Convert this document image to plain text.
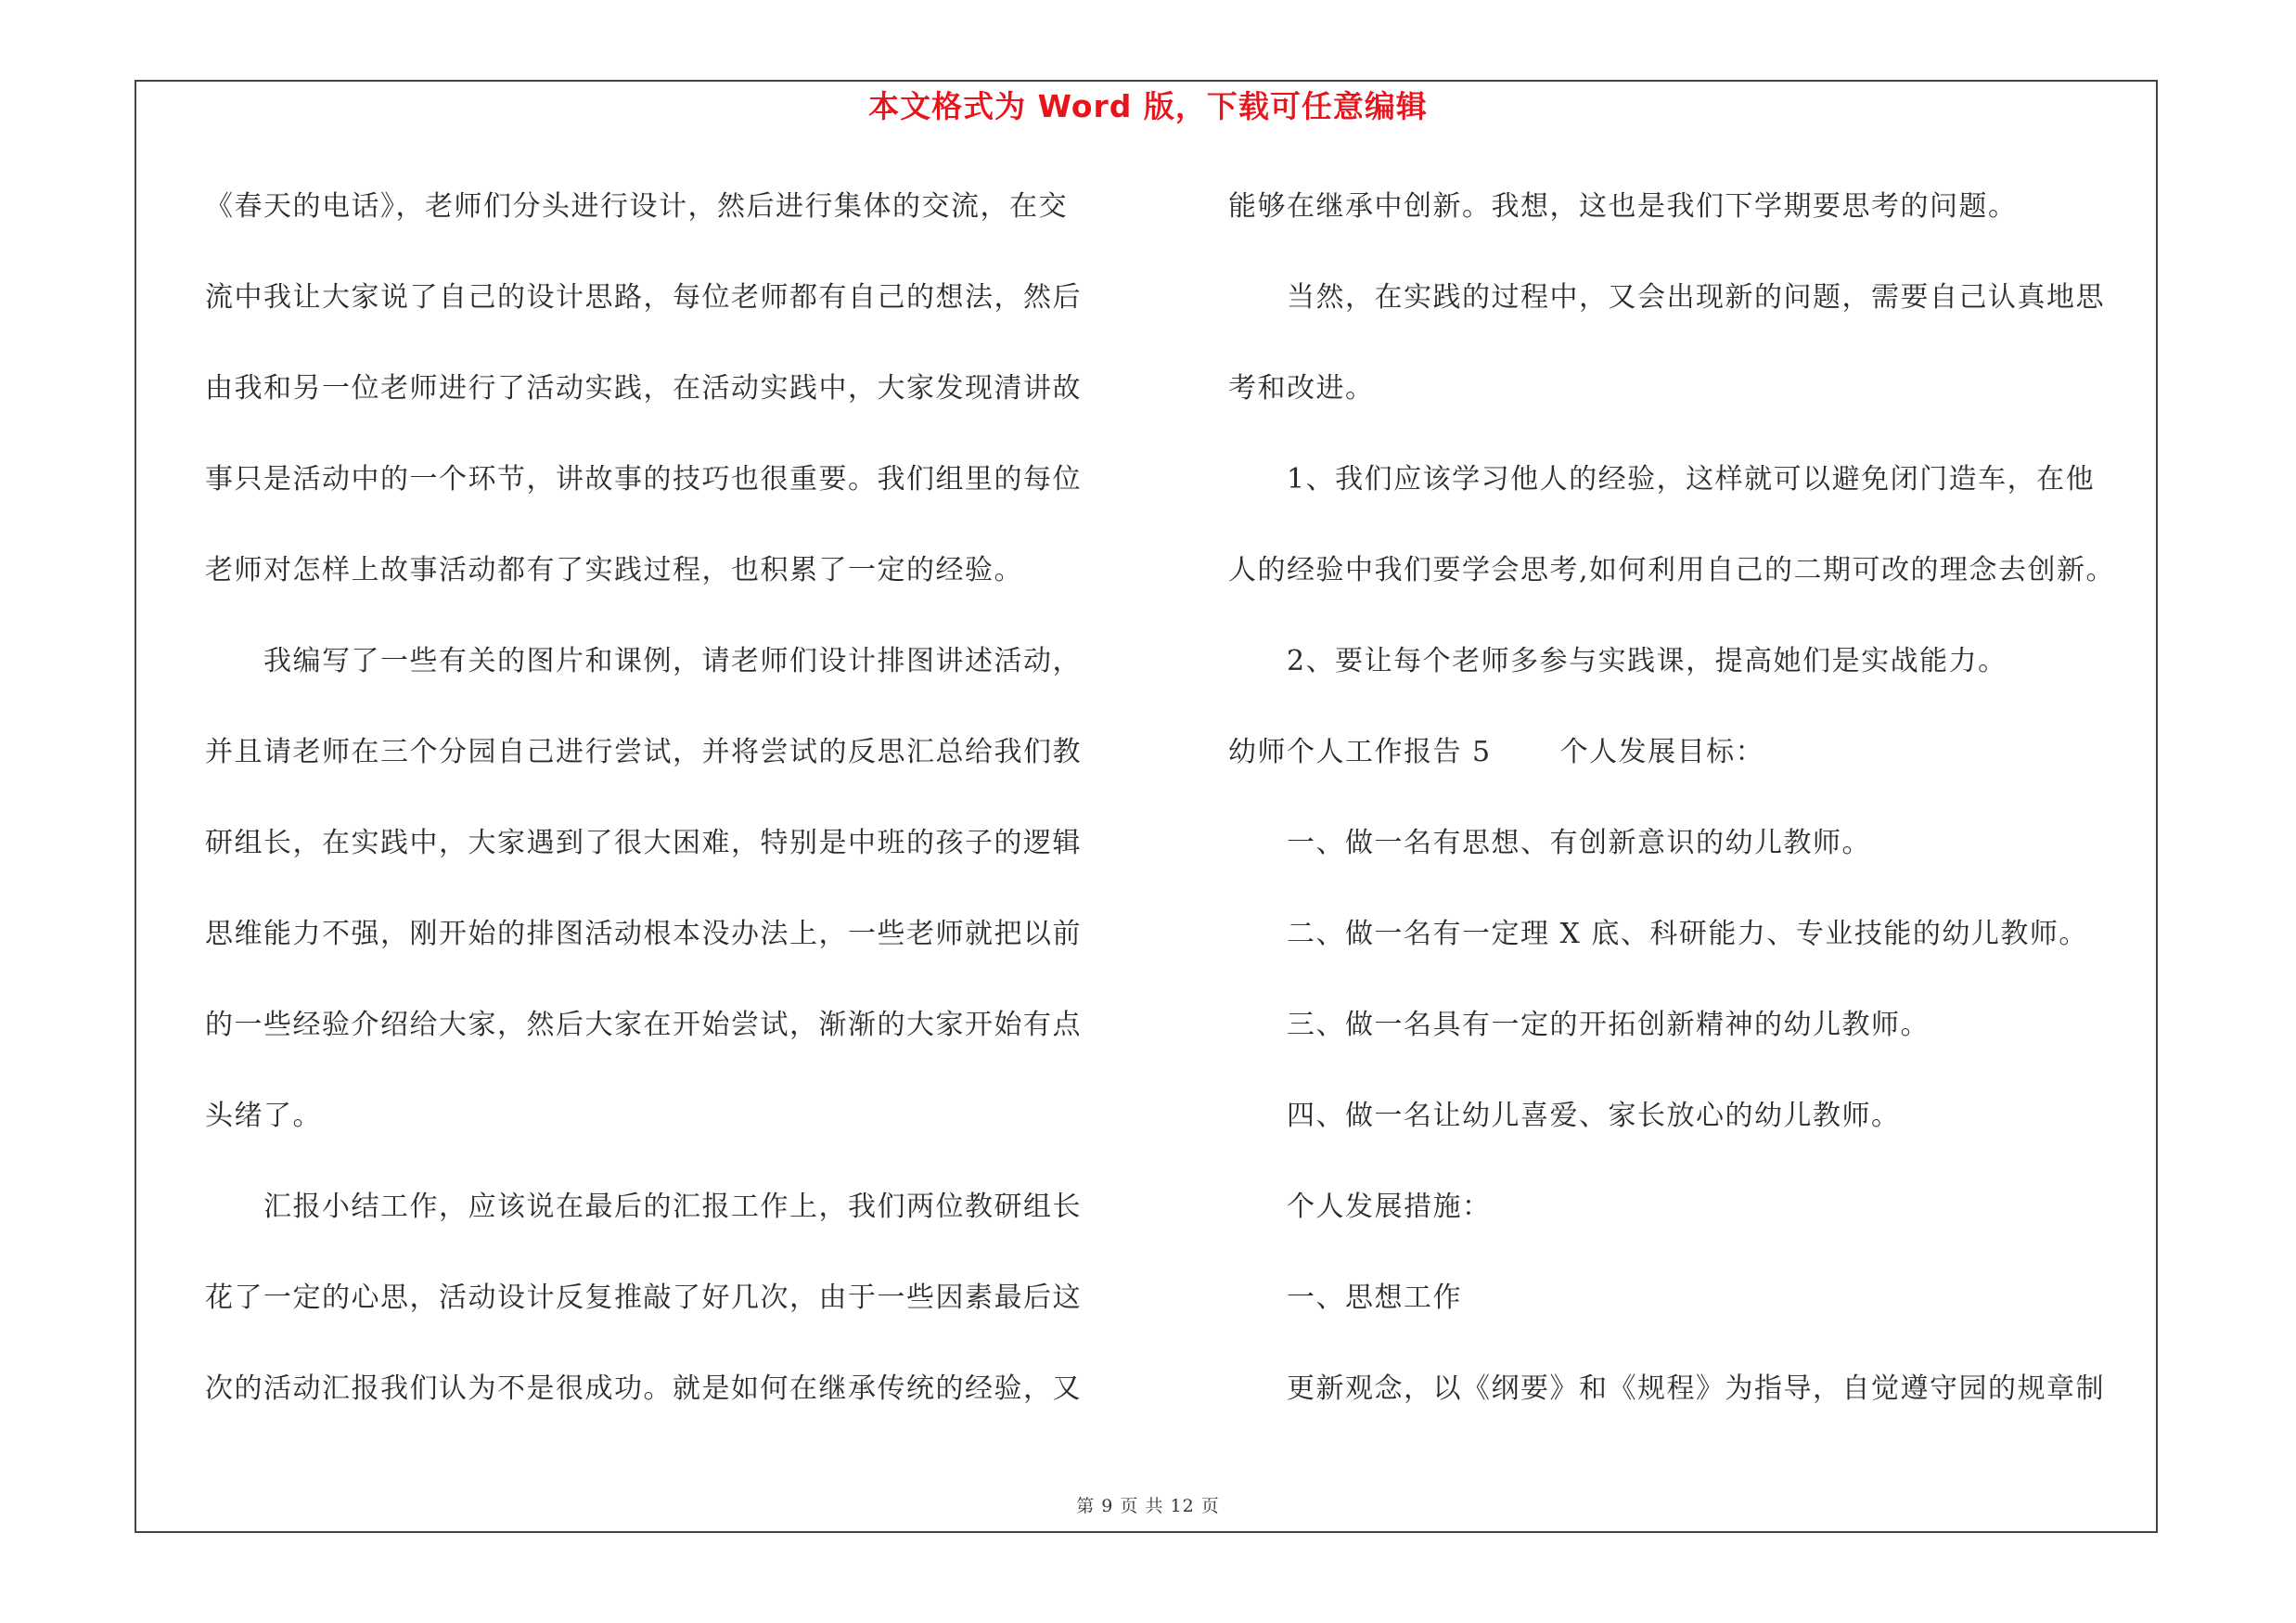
本文格式为 Word 版，下载可任意编辑
《春天的电话》，老师们分头进行设计，然后进行集体的交流，在交
流中我让大家说了自己的设计思路，每位老师都有自己的想法，然后
由我和另一位老师进行了活动实践，在活动实践中，大家发现清讲故
事只是活动中的一个环节，讲故事的技巧也很重要。我们组里的每位
老师对怎样上故事活动都有了实践过程，也积累了一定的经验。
　　我编写了一些有关的图片和课例，请老师们设计排图讲述活动，
并且请老师在三个分园自己进行尝试，并将尝试的反思汇总给我们教
研组长，在实践中，大家遇到了很大困难，特别是中班的孩子的逻辑
思维能力不强，刚开始的排图活动根本没办法上，一些老师就把以前
的一些经验介绍给大家，然后大家在开始尝试，渐渐的大家开始有点
头绪了。
　　汇报小结工作，应该说在最后的汇报工作上，我们两位教研组长
花了一定的心思，活动设计反复推敲了好几次，由于一些因素最后这
次的活动汇报我们认为不是很成功。就是如何在继承传统的经验，又
能够在继承中创新。我想，这也是我们下学期要思考的问题。
　　当然，在实践的过程中，又会出现新的问题，需要自己认真地思
考和改进。
　　1、我们应该学习他人的经验，这样就可以避免闭门造车，在他
人的经验中我们要学会思考,如何利用自己的二期可改的理念去创新。
　　2、要让每个老师多参与实践课，提高她们是实战能力。
幼师个人工作报告 5　　 个人发展目标：
　　一、做一名有思想、有创新意识的幼儿教师。
　　二、做一名有一定理 X 底、科研能力、专业技能的幼儿教师。
　　三、做一名具有一定的开拓创新精神的幼儿教师。
　　四、做一名让幼儿喜爱、家长放心的幼儿教师。
　　个人发展措施：
　　一、思想工作
　　更新观念，以《纲要》和《规程》为指导，自觉遵守园的规章制
第 9 页 共 12 页
